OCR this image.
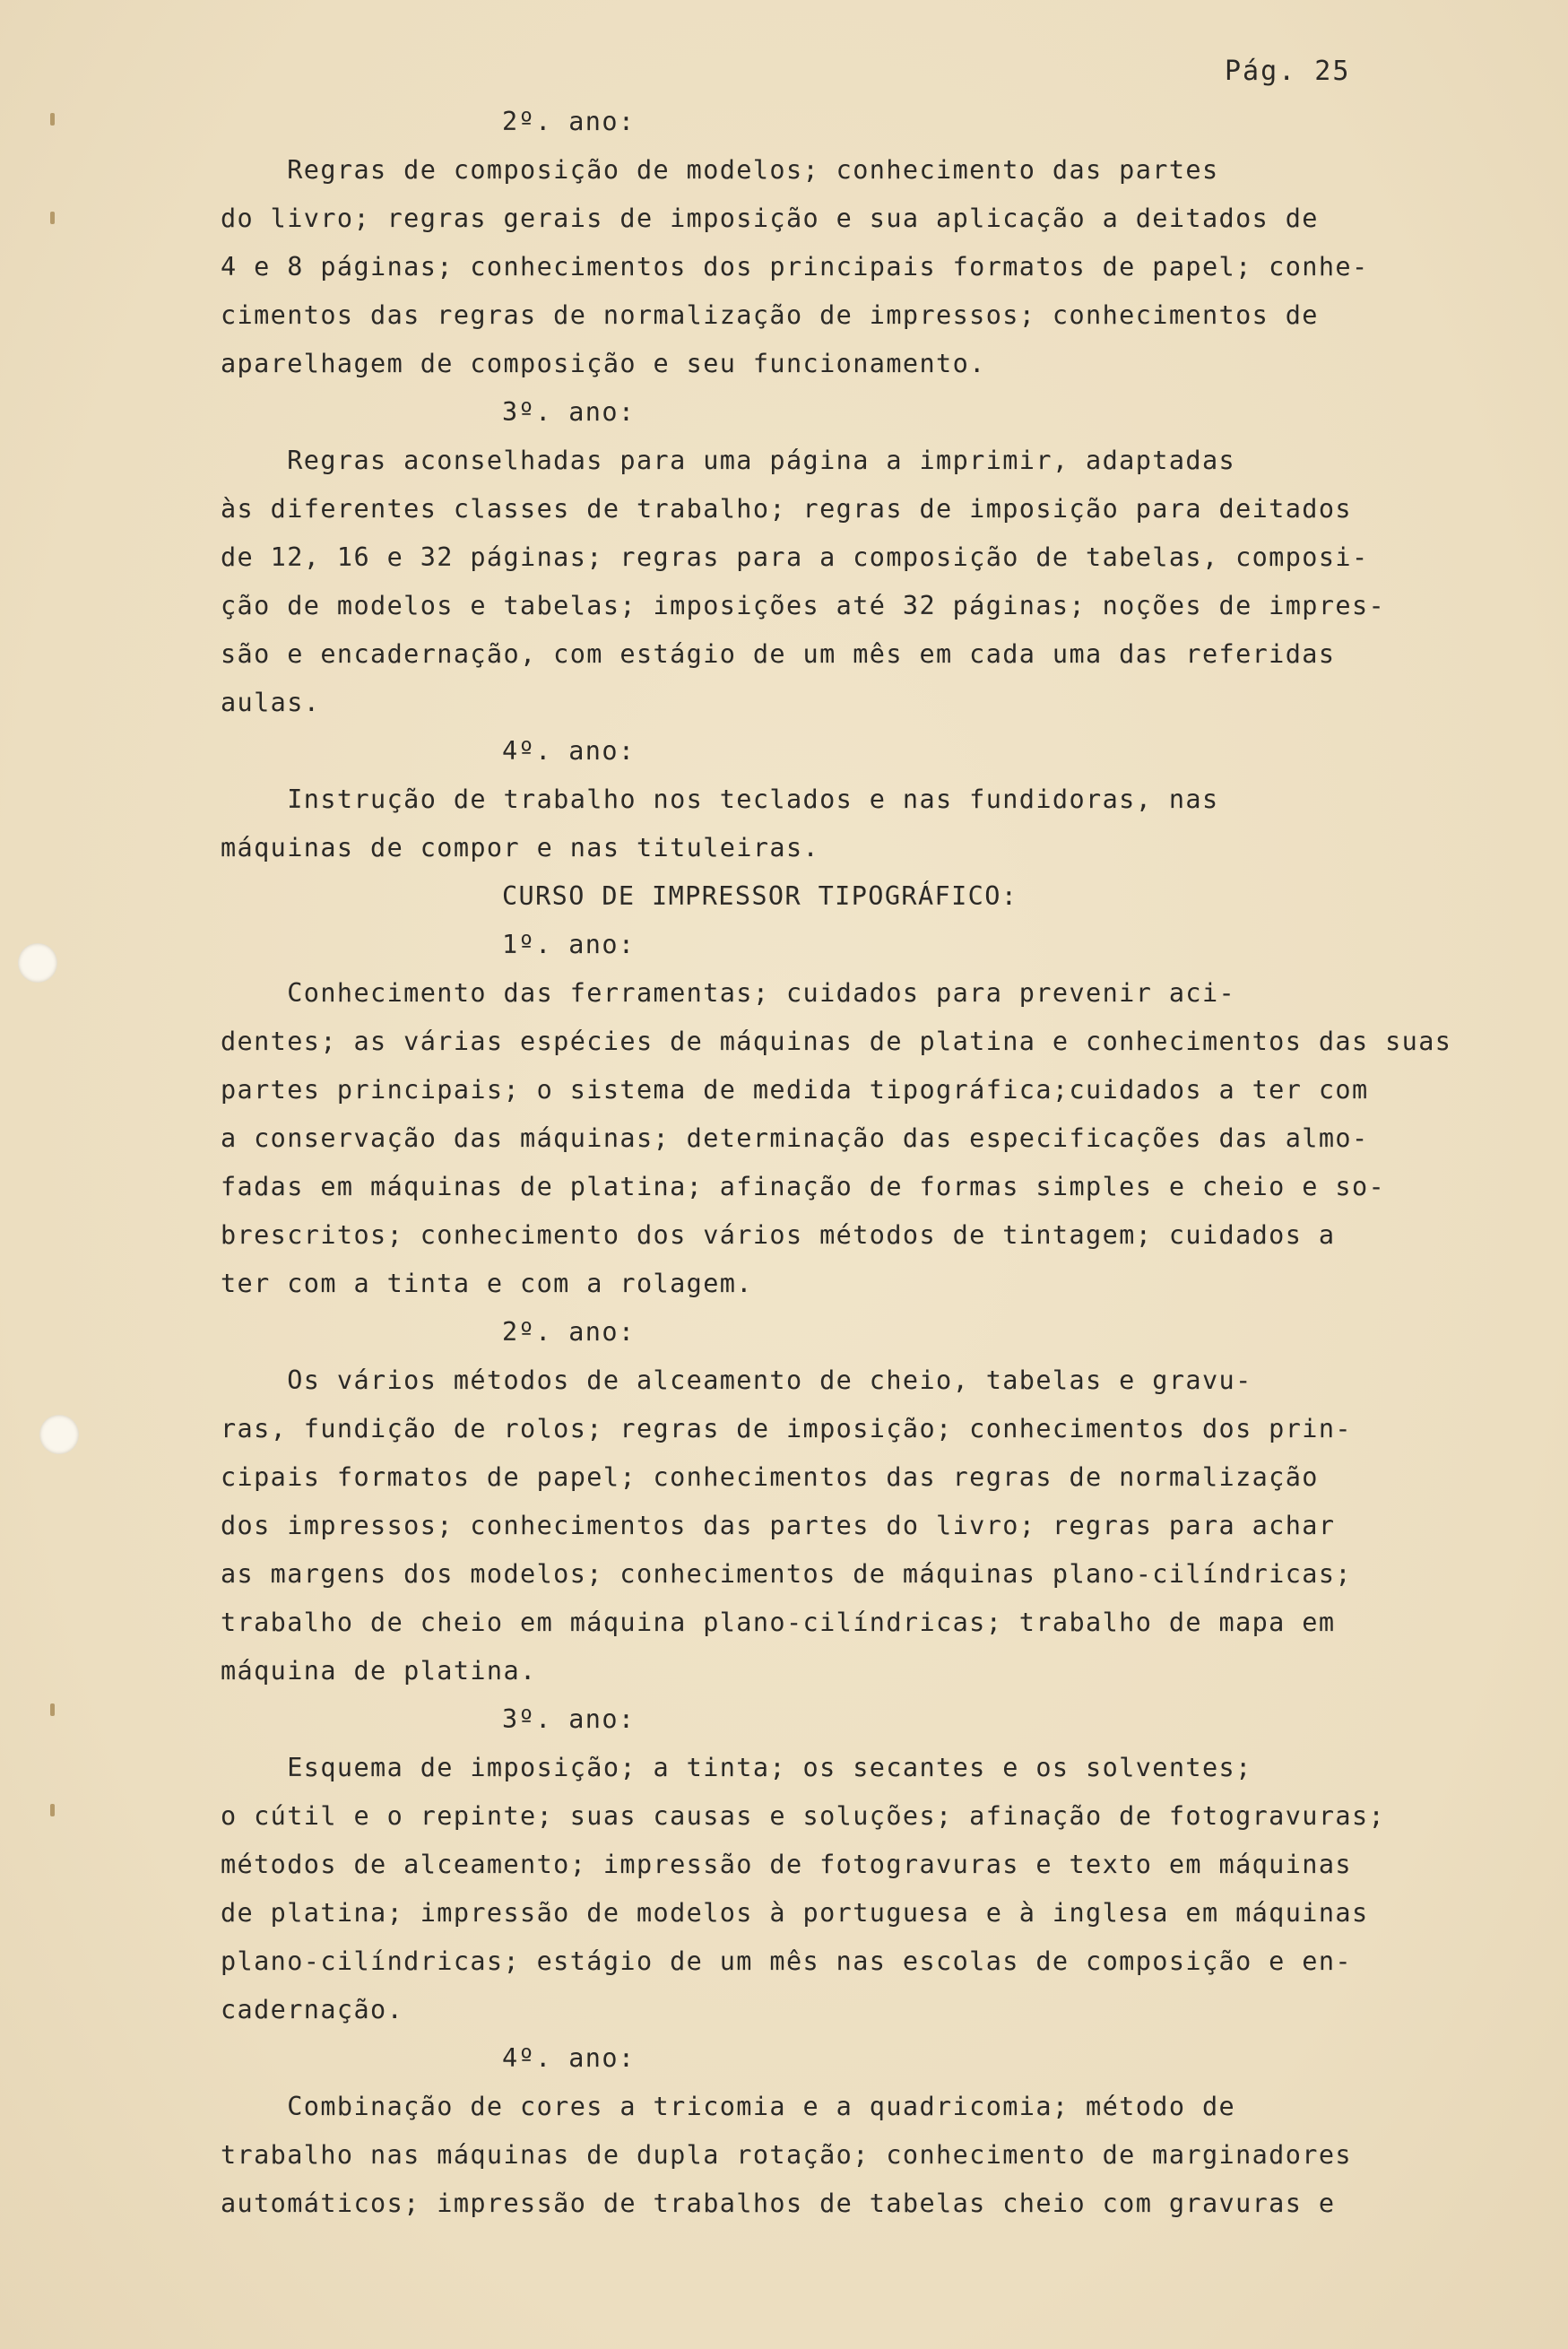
Pág. 25
2º. ano:
Regras de composição de modelos; conhecimento das partes
do livro; regras gerais de imposição e sua aplicação a deitados de
4 e 8 páginas; conhecimentos dos principais formatos de papel; conhe-
cimentos das regras de normalização de impressos; conhecimentos de
aparelhagem de composição e seu funcionamento.
3º. ano:
Regras aconselhadas para uma página a imprimir, adaptadas
às diferentes classes de trabalho; regras de imposição para deitados
de 12, 16 e 32 páginas; regras para a composição de tabelas, composi-
ção de modelos e tabelas; imposições até 32 páginas; noções de impres-
são e encadernação, com estágio de um mês em cada uma das referidas
aulas.
4º. ano:
Instrução de trabalho nos teclados e nas fundidoras, nas
máquinas de compor e nas tituleiras.
CURSO DE IMPRESSOR TIPOGRÁFICO:
1º. ano:
Conhecimento das ferramentas; cuidados para prevenir aci-
dentes; as várias espécies de máquinas de platina e conhecimentos das suas
partes principais; o sistema de medida tipográfica;cuidados a ter com
a conservação das máquinas; determinação das especificações das almo-
fadas em máquinas de platina; afinação de formas simples e cheio e so-
brescritos; conhecimento dos vários métodos de tintagem; cuidados a
ter com a tinta e com a rolagem.
2º. ano:
Os vários métodos de alceamento de cheio, tabelas e gravu-
ras, fundição de rolos; regras de imposição; conhecimentos dos prin-
cipais formatos de papel; conhecimentos das regras de normalização
dos impressos; conhecimentos das partes do livro; regras para achar
as margens dos modelos; conhecimentos de máquinas plano-cilíndricas;
trabalho de cheio em máquina plano-cilíndricas; trabalho de mapa em
máquina de platina.
3º. ano:
Esquema de imposição; a tinta; os secantes e os solventes;
o cútil e o repinte; suas causas e soluções; afinação de fotogravuras;
métodos de alceamento; impressão de fotogravuras e texto em máquinas
de platina; impressão de modelos à portuguesa e à inglesa em máquinas
plano-cilíndricas; estágio de um mês nas escolas de composição e en-
cadernação.
4º. ano:
Combinação de cores a tricomia e a quadricomia; método de
trabalho nas máquinas de dupla rotação; conhecimento de marginadores
automáticos; impressão de trabalhos de tabelas cheio com gravuras e
